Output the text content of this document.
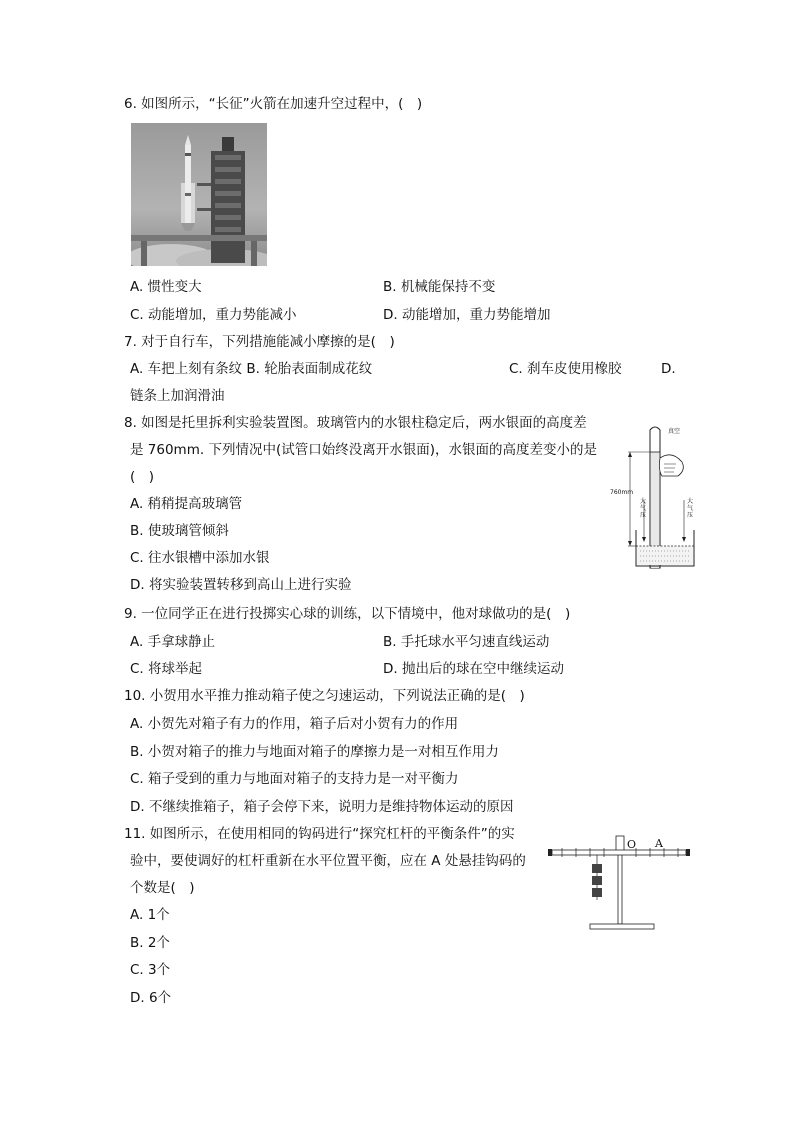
6. 如图所示，“长征”火箭在加速升空过程中，(　)
A. 惯性变大	B. 机械能保持不变
C. 动能增加，重力势能减小	D. 动能增加，重力势能增加
7. 对于自行车，下列措施能减小摩擦的是(　)
A. 车把上刻有条纹 B. 轮胎表面制成花纹	C. 刹车皮使用橡胶	D.
链条上加润滑油
8. 如图是托里拆利实验装置图。玻璃管内的水银柱稳定后，两水银面的高度差
是 760mm. 下列情况中(试管口始终没离开水银面)，水银面的高度差变小的是
(　)
A. 稍稍提高玻璃管
B. 使玻璃管倾斜
C. 往水银槽中添加水银
D. 将实验装置转移到高山上进行实验
真空
760mm
大气压
大气压
9. 一位同学正在进行投掷实心球的训练，以下情境中，他对球做功的是(　)
A. 手拿球静止	B. 手托球水平匀速直线运动
C. 将球举起	D. 抛出后的球在空中继续运动
10. 小贺用水平推力推动箱子使之匀速运动，下列说法正确的是(　)
A. 小贺先对箱子有力的作用，箱子后对小贺有力的作用
B. 小贺对箱子的推力与地面对箱子的摩擦力是一对相互作用力
C. 箱子受到的重力与地面对箱子的支持力是一对平衡力
D. 不继续推箱子，箱子会停下来，说明力是维持物体运动的原因
11. 如图所示，在使用相同的钩码进行“探究杠杆的平衡条件”的实
验中，要使调好的杠杆重新在水平位置平衡，应在 A 处悬挂钩码的
个数是(　)
A. 1个
B. 2个
C. 3个
D. 6个
O A
